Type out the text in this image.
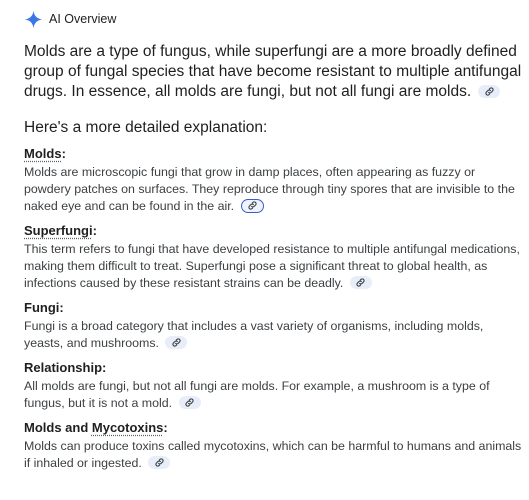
AI Overview
Molds are a type of fungus, while superfungi are a more broadly defined group of fungal species that have become resistant to multiple antifungal drugs. In essence, all molds are fungi, but not all fungi are molds.
Here's a more detailed explanation:
Molds:
Molds are microscopic fungi that grow in damp places, often appearing as fuzzy or powdery patches on surfaces. They reproduce through tiny spores that are invisible to the naked eye and can be found in the air.
Superfungi:
This term refers to fungi that have developed resistance to multiple antifungal medications, making them difficult to treat. Superfungi pose a significant threat to global health, as infections caused by these resistant strains can be deadly.
Fungi:
Fungi is a broad category that includes a vast variety of organisms, including molds, yeasts, and mushrooms.
Relationship:
All molds are fungi, but not all fungi are molds. For example, a mushroom is a type of fungus, but it is not a mold.
Molds and Mycotoxins:
Molds can produce toxins called mycotoxins, which can be harmful to humans and animals if inhaled or ingested.
